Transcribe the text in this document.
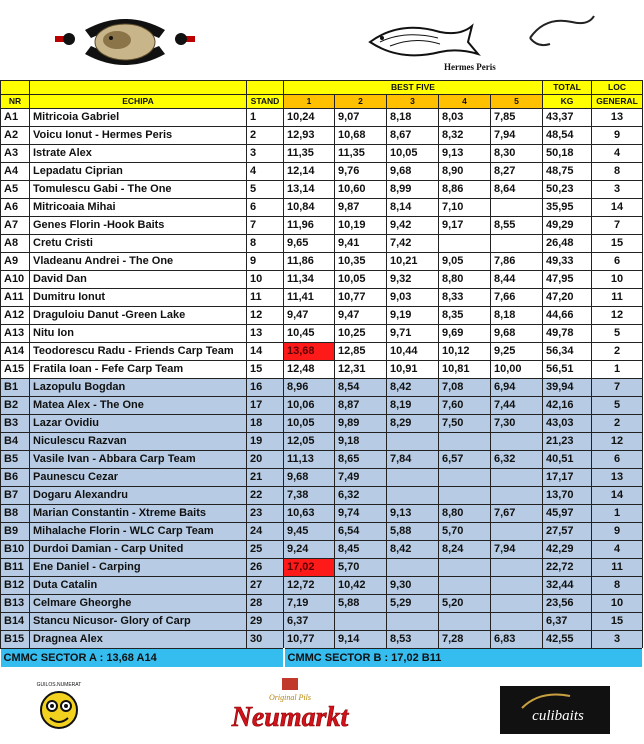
Hermes Peris
			BEST FIVE					TOTAL	LOC
NR	ECHIPA	STAND	1	2	3	4	5	KG	GENERAL
A1	Mitricoia Gabriel	1	10,24	9,07	8,18	8,03	7,85	43,37	13
A2	Voicu Ionut - Hermes Peris	2	12,93	10,68	8,67	8,32	7,94	48,54	9
A3	Istrate Alex	3	11,35	11,35	10,05	9,13	8,30	50,18	4
A4	Lepadatu Ciprian	4	12,14	9,76	9,68	8,90	8,27	48,75	8
A5	Tomulescu Gabi - The One	5	13,14	10,60	8,99	8,86	8,64	50,23	3
A6	Mitricoaia Mihai	6	10,84	9,87	8,14	7,10		35,95	14
A7	Genes Florin -Hook Baits	7	11,96	10,19	9,42	9,17	8,55	49,29	7
A8	Cretu Cristi	8	9,65	9,41	7,42			26,48	15
A9	Vladeanu Andrei - The One	9	11,86	10,35	10,21	9,05	7,86	49,33	6
A10	David Dan	10	11,34	10,05	9,32	8,80	8,44	47,95	10
A11	Dumitru Ionut	11	11,41	10,77	9,03	8,33	7,66	47,20	11
A12	Draguloiu Danut -Green Lake	12	9,47	9,47	9,19	8,35	8,18	44,66	12
A13	Nitu Ion	13	10,45	10,25	9,71	9,69	9,68	49,78	5
A14	Teodorescu Radu - Friends Carp Team	14	13,68	12,85	10,44	10,12	9,25	56,34	2
A15	Fratila Ioan - Fefe Carp Team	15	12,48	12,31	10,91	10,81	10,00	56,51	1
B1	Lazopulu Bogdan	16	8,96	8,54	8,42	7,08	6,94	39,94	7
B2	Matea Alex - The One	17	10,06	8,87	8,19	7,60	7,44	42,16	5
B3	Lazar Ovidiu	18	10,05	9,89	8,29	7,50	7,30	43,03	2
B4	Niculescu Razvan	19	12,05	9,18				21,23	12
B5	Vasile Ivan - Abbara Carp Team	20	11,13	8,65	7,84	6,57	6,32	40,51	6
B6	Paunescu Cezar	21	9,68	7,49				17,17	13
B7	Dogaru Alexandru	22	7,38	6,32				13,70	14
B8	Marian Constantin - Xtreme Baits	23	10,63	9,74	9,13	8,80	7,67	45,97	1
B9	Mihalache Florin - WLC Carp Team	24	9,45	6,54	5,88	5,70		27,57	9
B10	Durdoi Damian - Carp United	25	9,24	8,45	8,42	8,24	7,94	42,29	4
B11	Ene Daniel - Carping	26	17,02	5,70				22,72	11
B12	Duta Catalin	27	12,72	10,42	9,30			32,44	8
B13	Celmare Gheorghe	28	7,19	5,88	5,29	5,20		23,56	10
B14	Stancu Nicusor- Glory of Carp	29	6,37					6,37	15
B15	Dragnea Alex	30	10,77	9,14	8,53	7,28	6,83	42,55	3
CMMC SECTOR A : 13,68 A14			CMMC SECTOR B : 17,02 B11						
GUILOS.NUMERAT
Original Pils
Neumarkt	culibaits
